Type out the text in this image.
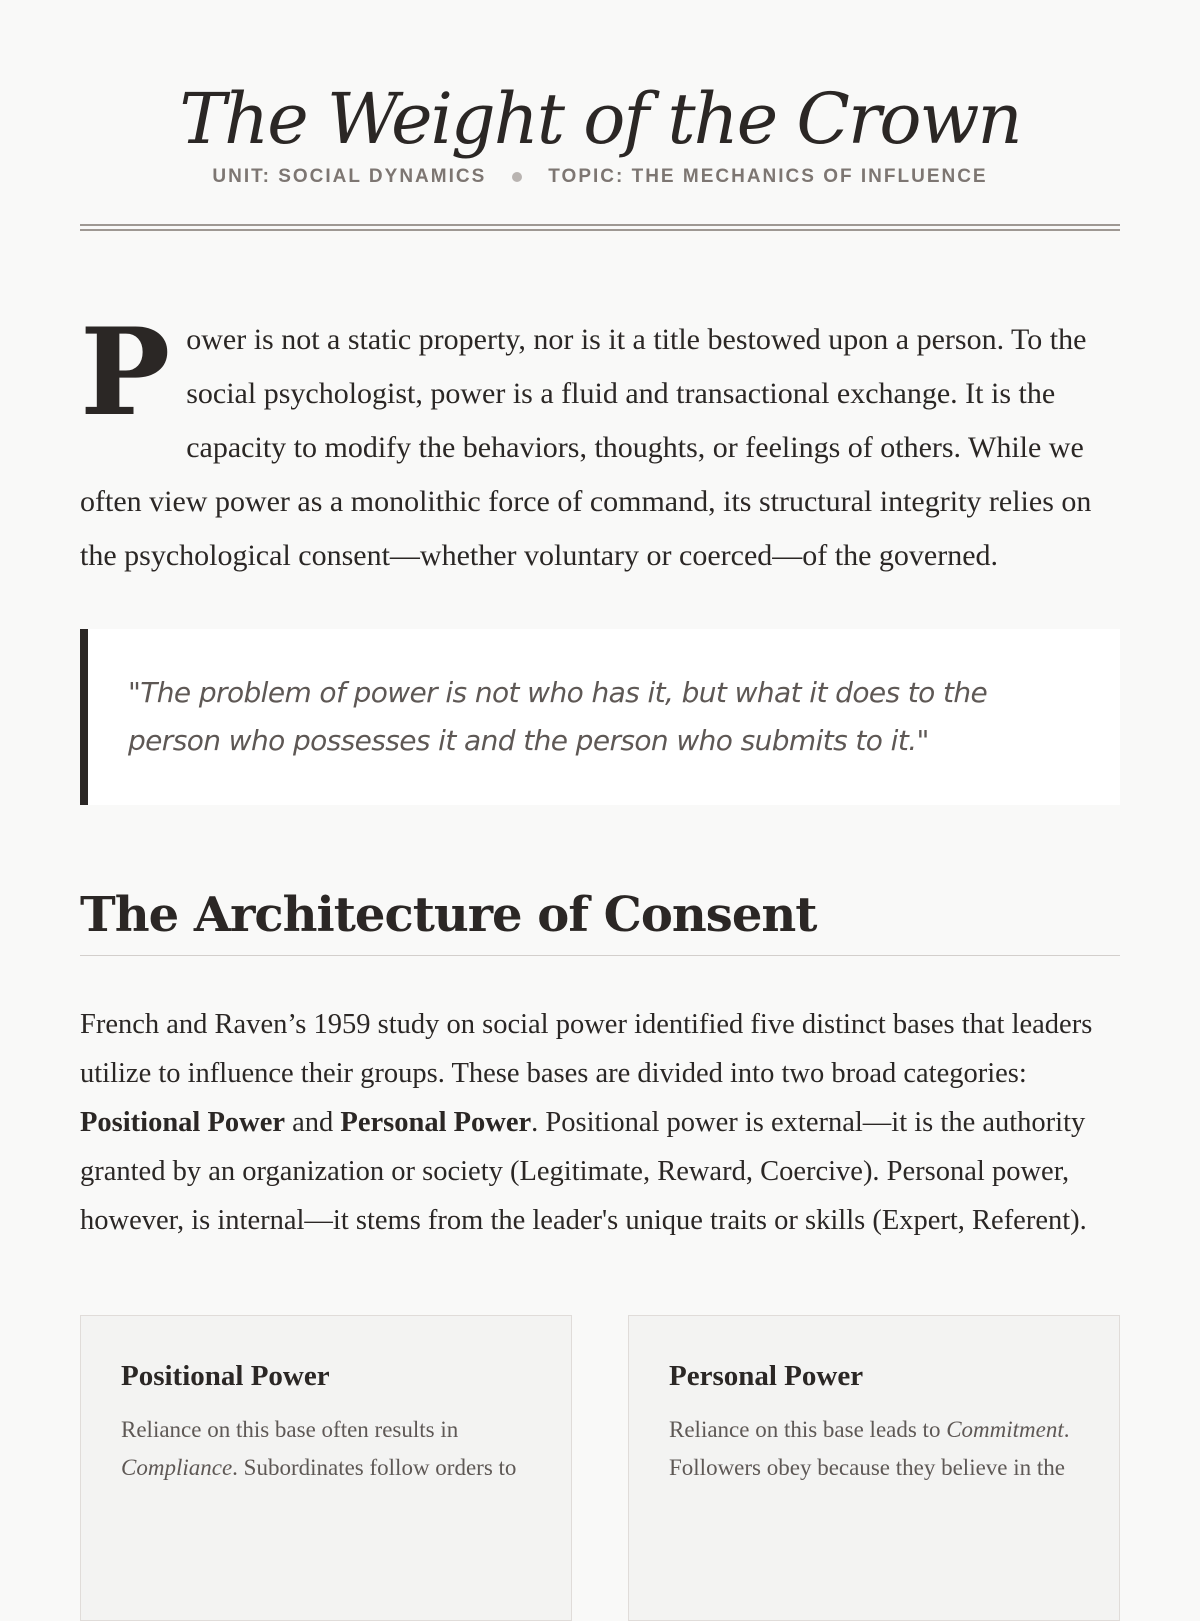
The Weight of the Crown
UNIT: SOCIAL DYNAMICS	TOPIC: THE MECHANICS OF INFLUENCE

Power is not a static property, nor is it a title bestowed upon a person. To the social psychologist, power is a fluid and transactional exchange. It is the capacity to modify the behaviors, thoughts, or feelings of others. While we often view power as a monolithic force of command, its structural integrity relies on the psychological consent—whether voluntary or coerced—of the governed.

"The problem of power is not who has it, but what it does to the person who possesses it and the person who submits to it."
The Architecture of Consent

French and Raven’s 1959 study on social power identified five distinct bases that leaders utilize to influence their groups. These bases are divided into two broad categories: Positional Power and Personal Power. Positional power is external—it is the authority granted by an organization or society (Legitimate, Reward, Coercive). Personal power, however, is internal—it stems from the leader's unique traits or skills (Expert, Referent).

Positional Power
Reliance on this base often results in Compliance. Subordinates follow orders to
Personal Power
Reliance on this base leads to Commitment. Followers obey because they believe in the
